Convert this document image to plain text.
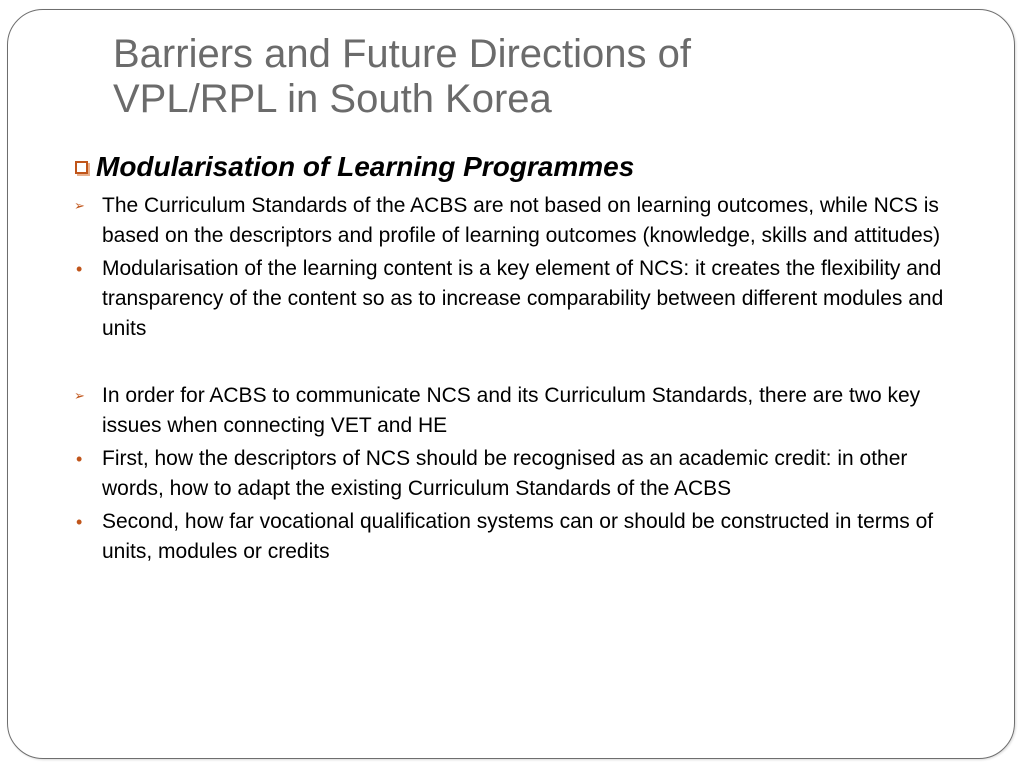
Barriers and Future Directions of
VPL/RPL in South Korea
Modularisation of Learning Programmes
➢ The Curriculum Standards of the ACBS are not based on learning outcomes, while NCS is based on the descriptors and profile of learning outcomes (knowledge, skills and attitudes)
• Modularisation of the learning content is a key element of NCS: it creates the flexibility and transparency of the content so as to increase comparability between different modules and units
➢ In order for ACBS to communicate NCS and its Curriculum Standards, there are two key issues when connecting VET and HE
• First, how the descriptors of NCS should be recognised as an academic credit: in other words, how to adapt the existing Curriculum Standards of the ACBS
• Second, how far vocational qualification systems can or should be constructed in terms of units, modules or credits
